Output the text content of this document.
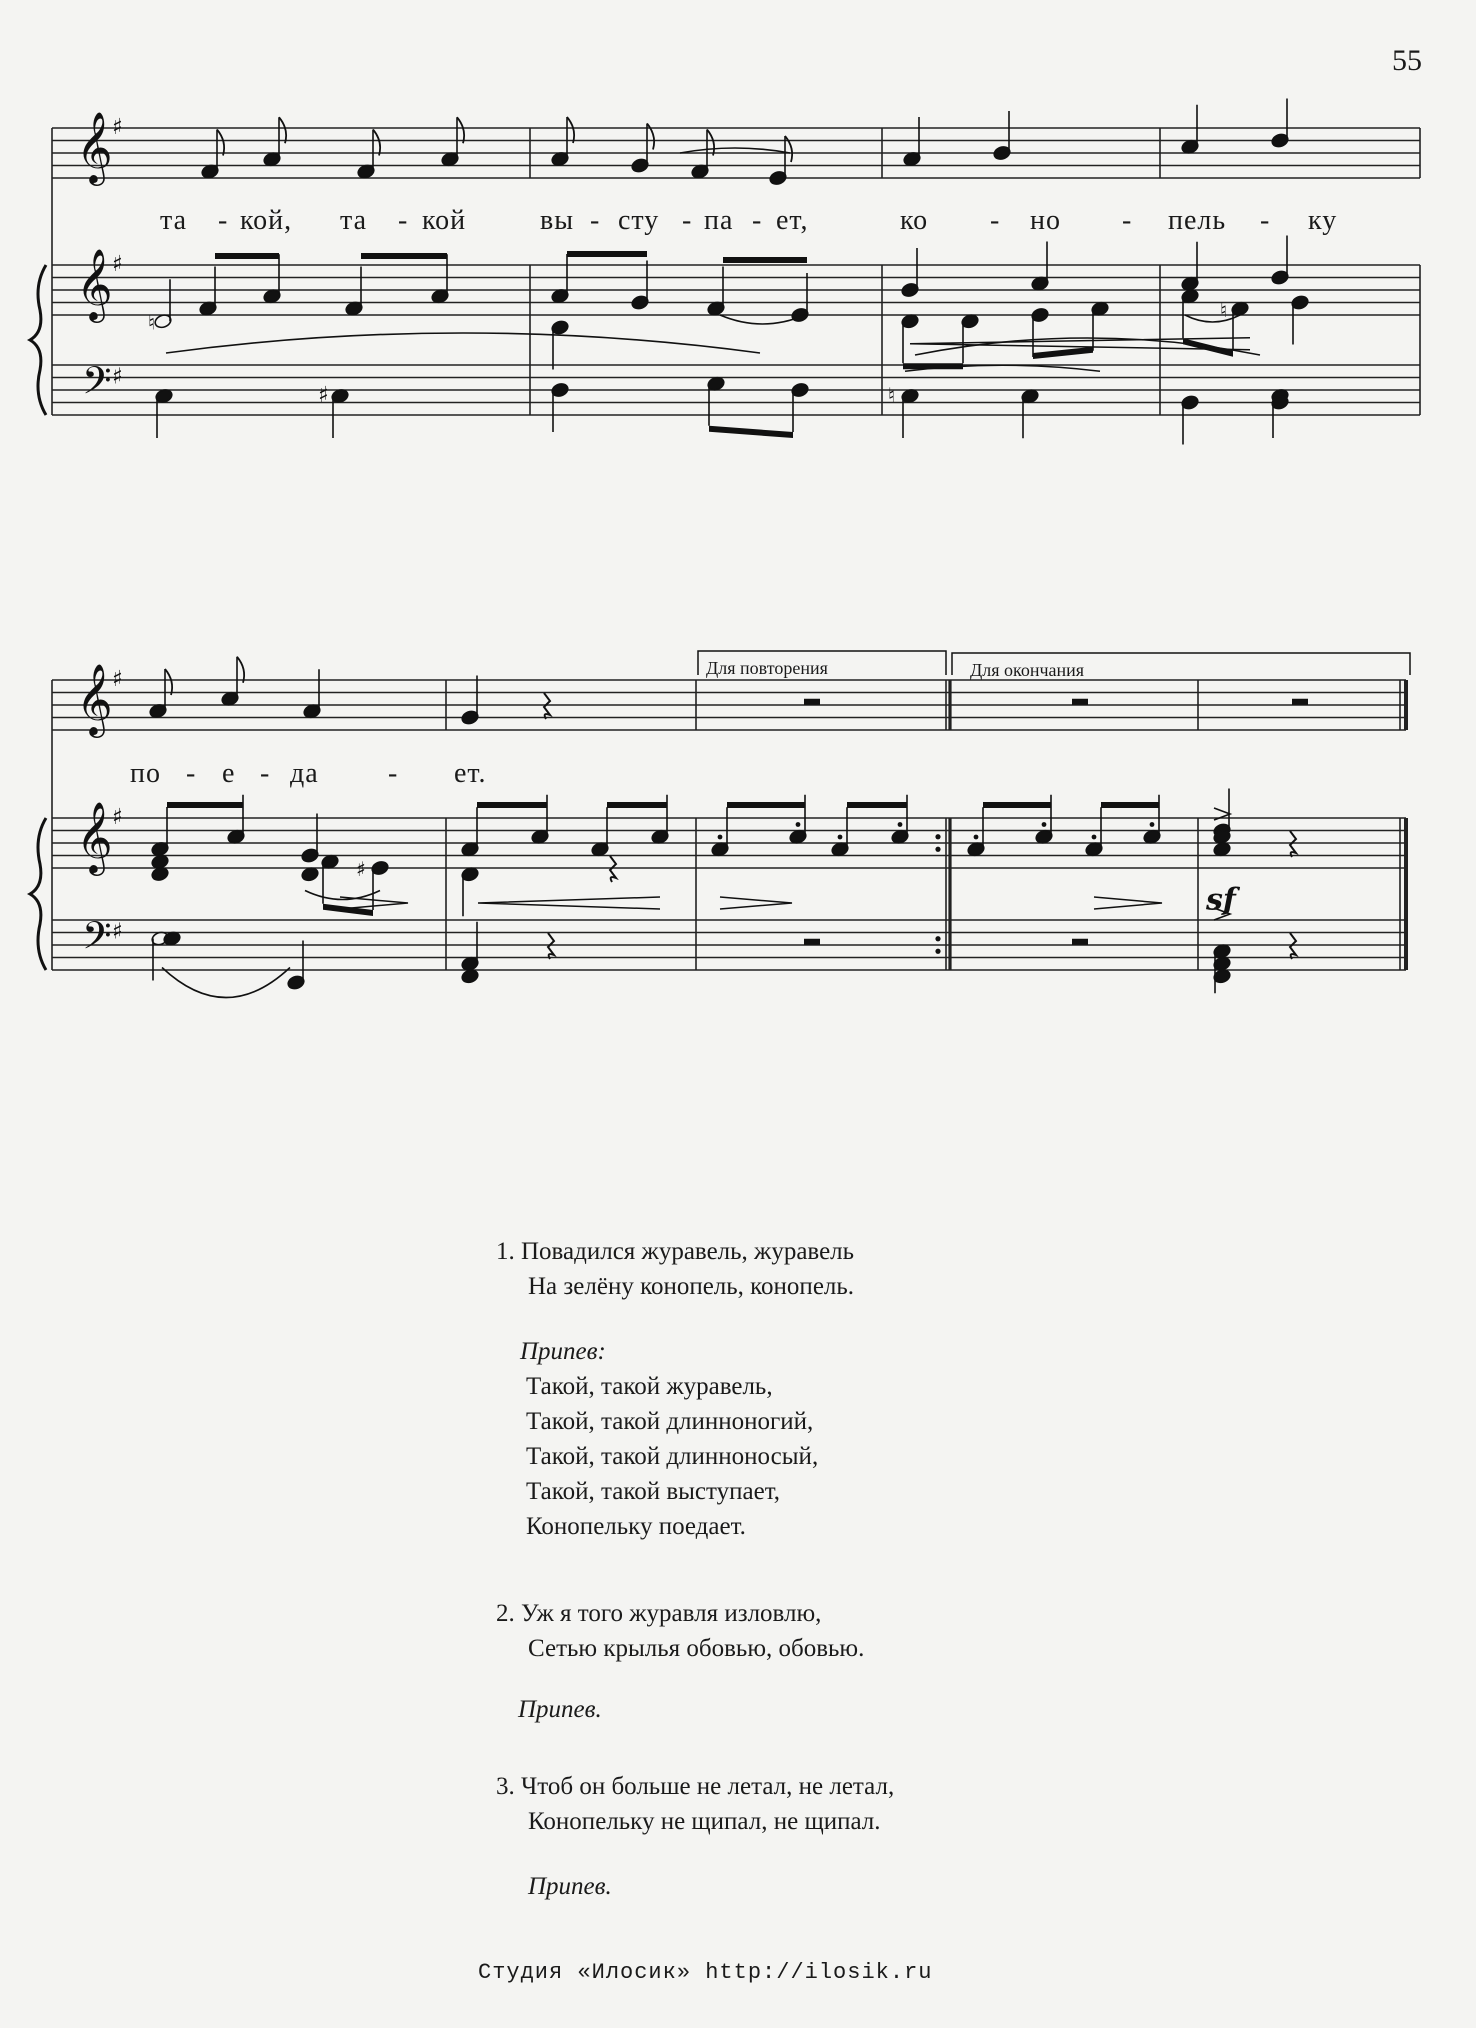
55
𝄞 ♯
𝄞 ♯
𝄢 ♯
♮
♮
♯	♮
𝄞 ♯
𝄞 ♯
𝄢 ♯
♯
sf
та - кой, та - кой	вы - сту - па - ет,	ко - но - пель - ку
по - е - да - ет.
Для повторения	Для окончания
1. Повадился журавель, журавель
На зелёну конопель, конопель.
Припев:
Такой, такой журавель,
Такой, такой длинноногий,
Такой, такой длинноносый,
Такой, такой выступает,
Конопельку поедает.
2. Уж я того журавля изловлю,
Сетью крылья обовью, обовью.
Припев.
3. Чтоб он больше не летал, не летал,
Конопельку не щипал, не щипал.
Припев.
Студия «Илосик» http://ilosik.ru
